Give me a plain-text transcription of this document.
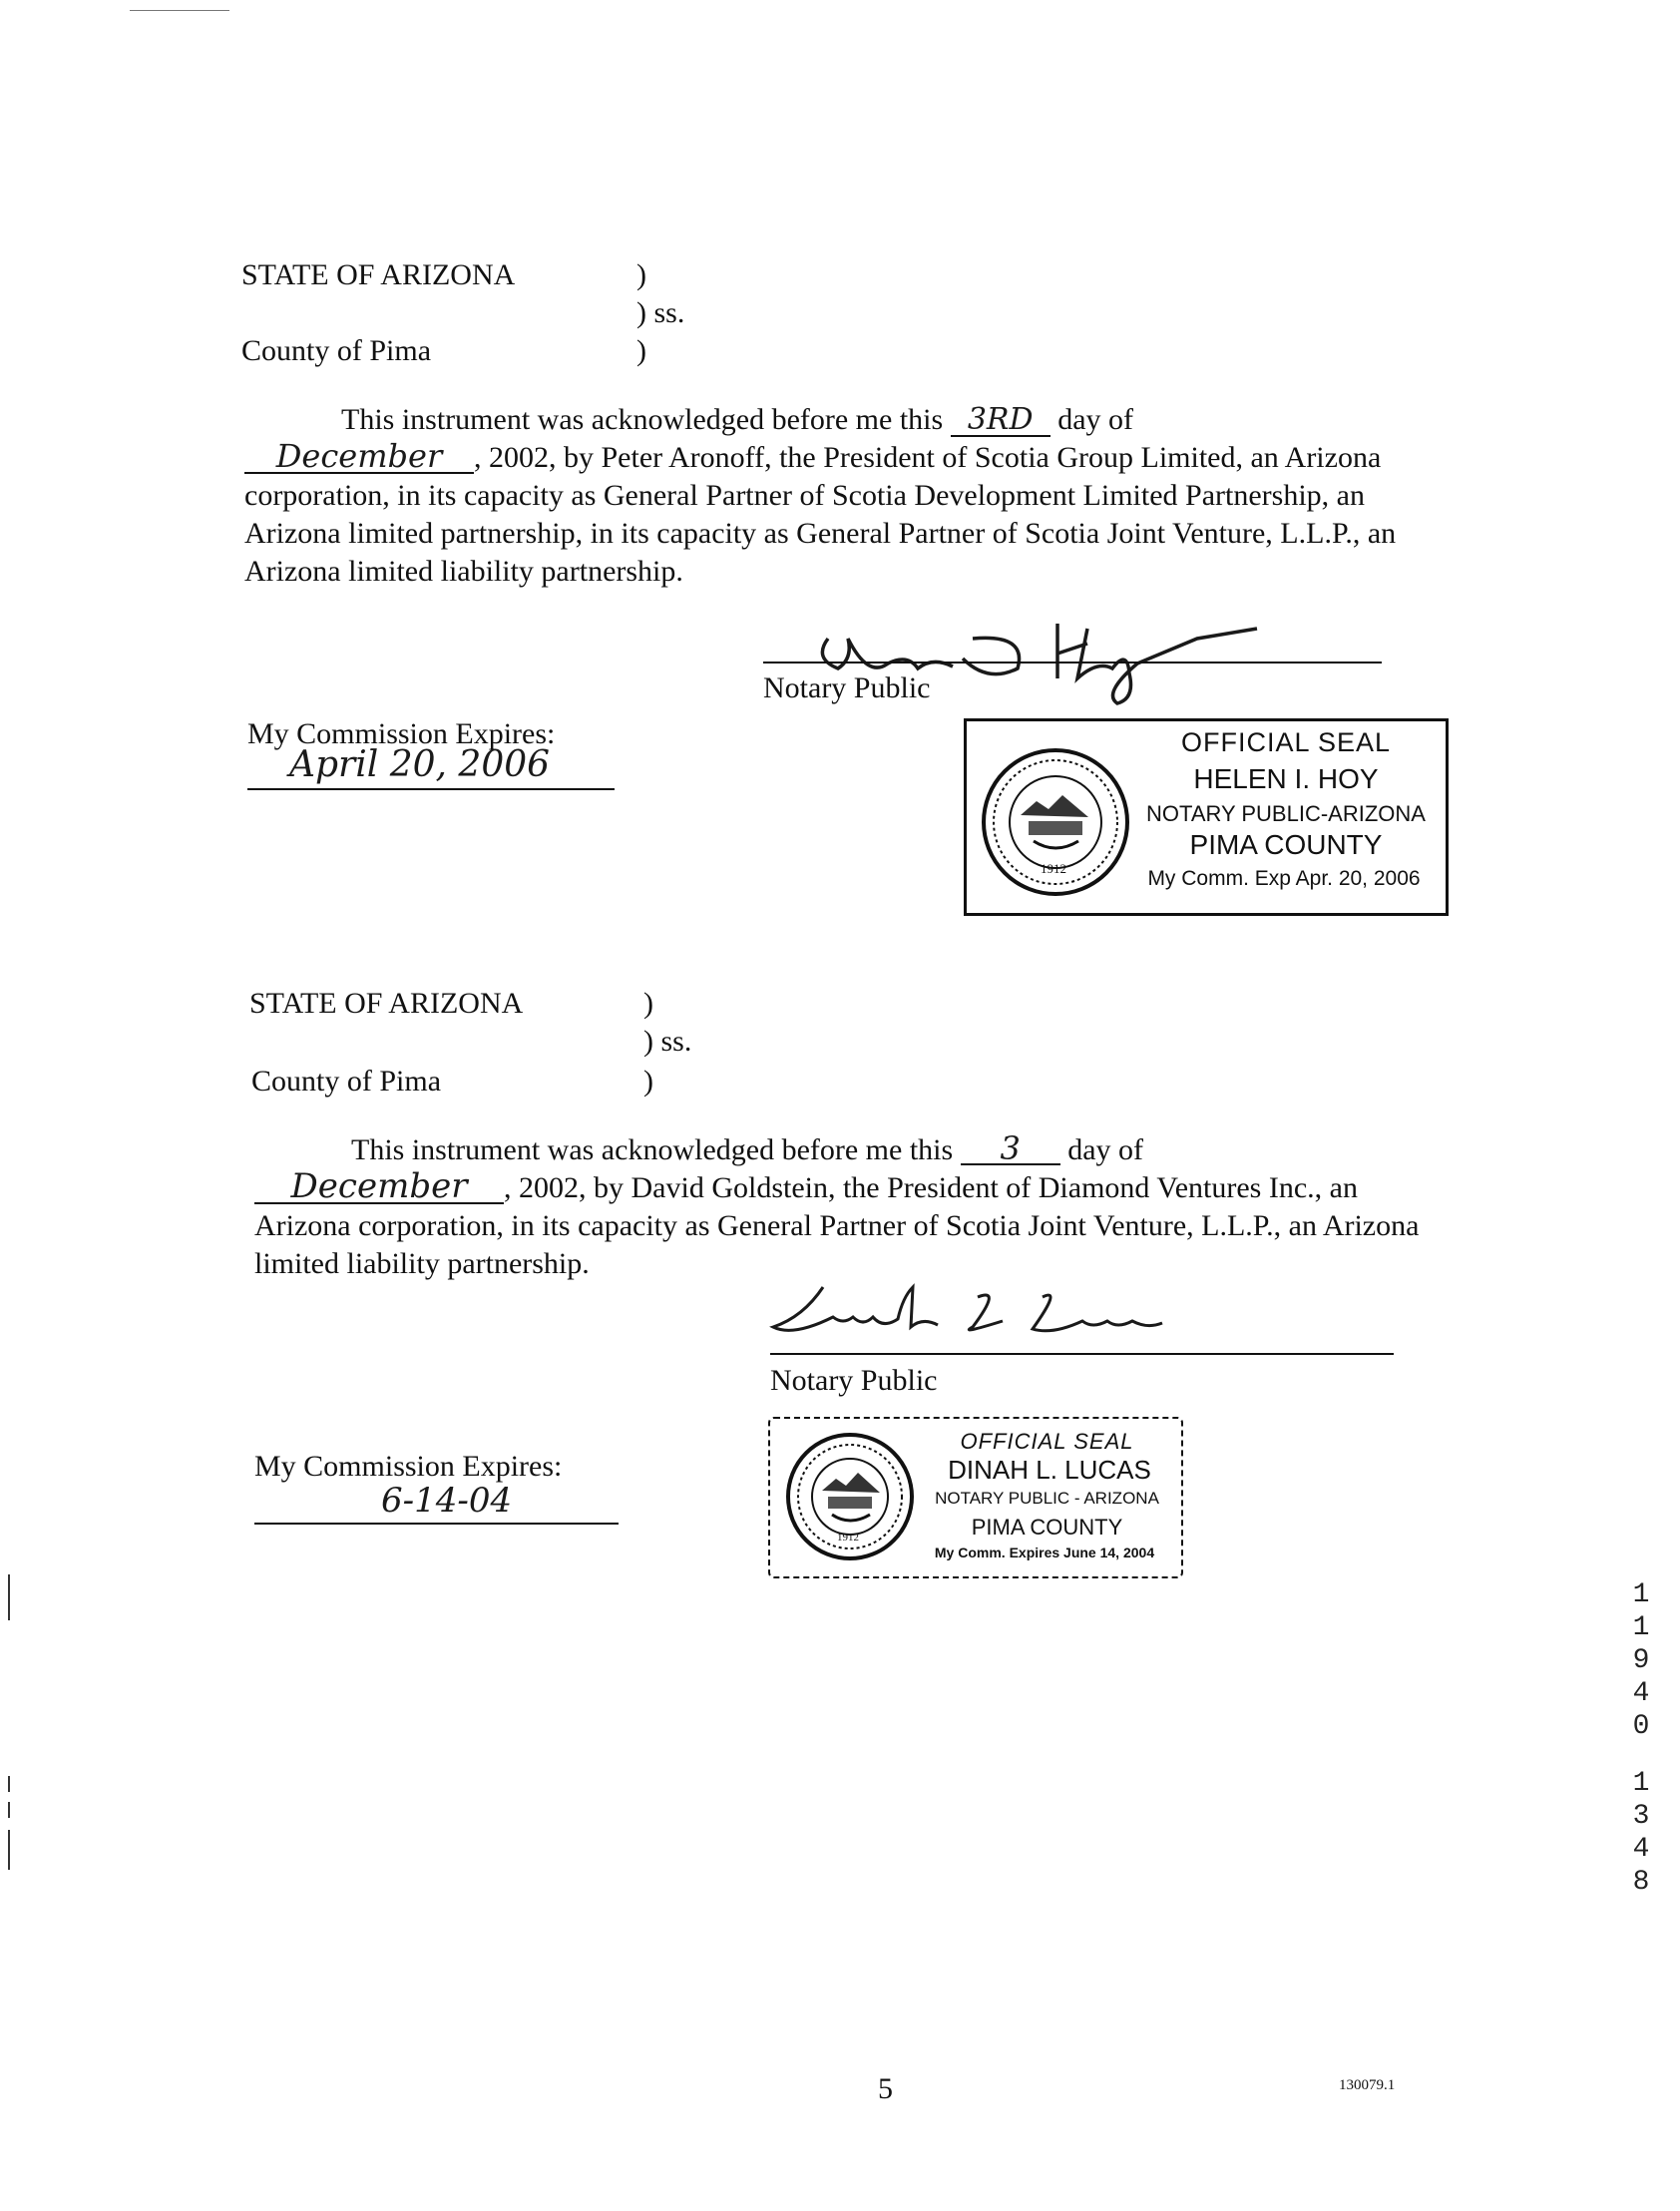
STATE OF ARIZONA	)
) ss.
County of Pima	)
This instrument was acknowledged before me this 3RD day of
December , 2002, by Peter Aronoff, the President of Scotia Group Limited, an Arizona corporation, in its capacity as General Partner of Scotia Development Limited Partnership, an Arizona limited partnership, in its capacity as General Partner of Scotia Joint Venture, L.L.P., an Arizona limited liability partnership.
Notary Public
My Commission Expires:
April 20, 2006
1912
OFFICIAL SEAL
HELEN I. HOY
NOTARY PUBLIC-ARIZONA
PIMA COUNTY
My Comm. Exp Apr. 20, 2006
STATE OF ARIZONA	)
) ss.
County of Pima	)
This instrument was acknowledged before me this 3 day of
December , 2002, by David Goldstein, the President of Diamond Ventures Inc., an Arizona corporation, in its capacity as General Partner of Scotia Joint Venture, L.L.P., an Arizona limited liability partnership.
Notary Public
My Commission Expires:
6-14-04
1912
OFFICIAL SEAL
DINAH L. LUCAS
NOTARY PUBLIC - ARIZONA
PIMA COUNTY
My Comm. Expires June 14, 2004
5	130079.1
1
1
9
4
0
1
3
4
8
